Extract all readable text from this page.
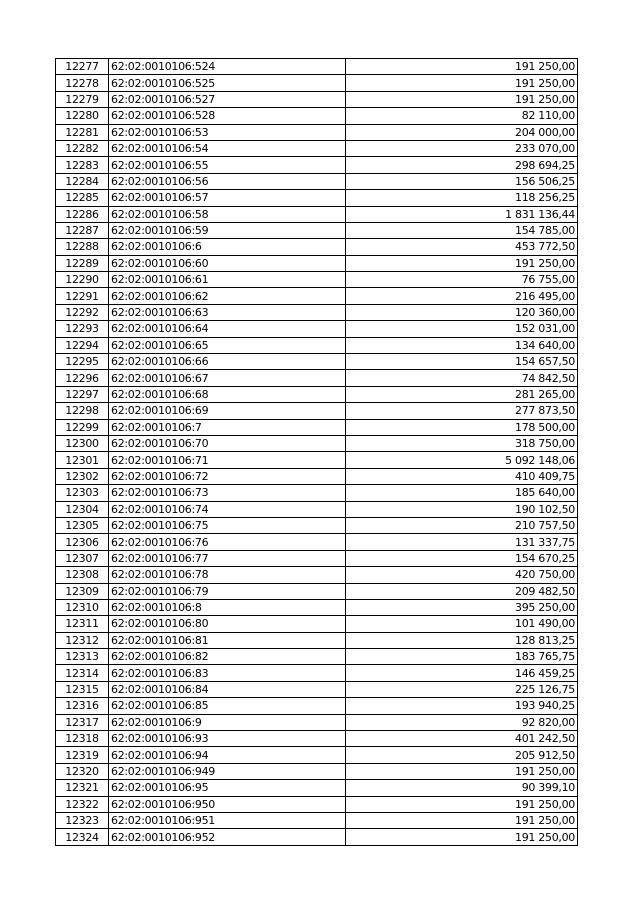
12277	62:02:0010106:524	191 250,00
12278	62:02:0010106:525	191 250,00
12279	62:02:0010106:527	191 250,00
12280	62:02:0010106:528	82 110,00
12281	62:02:0010106:53	204 000,00
12282	62:02:0010106:54	233 070,00
12283	62:02:0010106:55	298 694,25
12284	62:02:0010106:56	156 506,25
12285	62:02:0010106:57	118 256,25
12286	62:02:0010106:58	1 831 136,44
12287	62:02:0010106:59	154 785,00
12288	62:02:0010106:6	453 772,50
12289	62:02:0010106:60	191 250,00
12290	62:02:0010106:61	76 755,00
12291	62:02:0010106:62	216 495,00
12292	62:02:0010106:63	120 360,00
12293	62:02:0010106:64	152 031,00
12294	62:02:0010106:65	134 640,00
12295	62:02:0010106:66	154 657,50
12296	62:02:0010106:67	74 842,50
12297	62:02:0010106:68	281 265,00
12298	62:02:0010106:69	277 873,50
12299	62:02:0010106:7	178 500,00
12300	62:02:0010106:70	318 750,00
12301	62:02:0010106:71	5 092 148,06
12302	62:02:0010106:72	410 409,75
12303	62:02:0010106:73	185 640,00
12304	62:02:0010106:74	190 102,50
12305	62:02:0010106:75	210 757,50
12306	62:02:0010106:76	131 337,75
12307	62:02:0010106:77	154 670,25
12308	62:02:0010106:78	420 750,00
12309	62:02:0010106:79	209 482,50
12310	62:02:0010106:8	395 250,00
12311	62:02:0010106:80	101 490,00
12312	62:02:0010106:81	128 813,25
12313	62:02:0010106:82	183 765,75
12314	62:02:0010106:83	146 459,25
12315	62:02:0010106:84	225 126,75
12316	62:02:0010106:85	193 940,25
12317	62:02:0010106:9	92 820,00
12318	62:02:0010106:93	401 242,50
12319	62:02:0010106:94	205 912,50
12320	62:02:0010106:949	191 250,00
12321	62:02:0010106:95	90 399,10
12322	62:02:0010106:950	191 250,00
12323	62:02:0010106:951	191 250,00
12324	62:02:0010106:952	191 250,00
